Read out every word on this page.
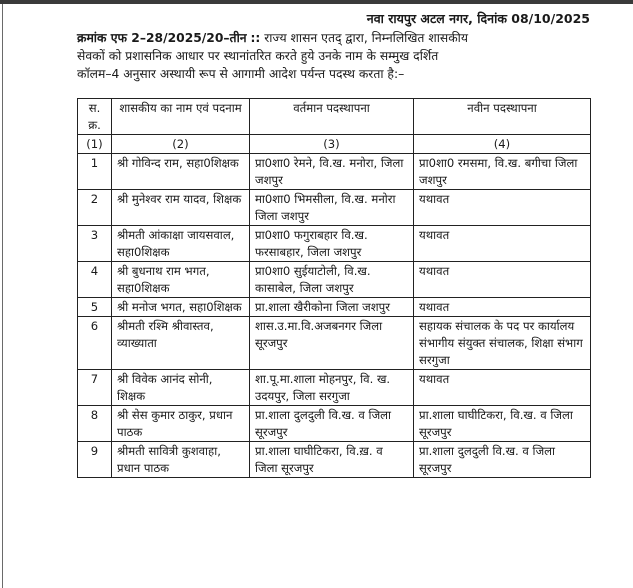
नवा रायपुर अटल नगर, दिनांक 08/10/2025
क्रमांक एफ 2–28/2025/20–तीन :: राज्य शासन एतद् द्वारा, निम्नलिखित शासकीय
सेवकों को प्रशासनिक आधार पर स्थानांतरित करते हुये उनके नाम के सम्मुख दर्शित
कॉलम–4 अनुसार अस्थायी रूप से आगामी आदेश पर्यन्त पदस्थ करता है:–
स. क्र.	शासकीय का नाम एवं पदनाम	वर्तमान पदस्थापना	नवीन पदस्थापना
(1)	(2)	(3)	(4)
1	श्री गोविन्द राम, सहा0शिक्षक	प्रा0शा0 रेमने, वि.ख. मनोरा, जिला जशपुर	प्रा0शा0 रमसमा, वि.ख. बगीचा जिला जशपुर
2	श्री मुनेश्वर राम यादव, शिक्षक	मा0शा0 भिमसीला, वि.ख. मनोरा जिला जशपुर	यथावत
3	श्रीमती आंकाक्षा जायसवाल, सहा0शिक्षक	प्रा0शा0 फगुराबहार वि.ख. फरसाबहार, जिला जशपुर	यथावत
4	श्री बुधनाथ राम भगत, सहा0शिक्षक	प्रा0शा0 सुईयाटोली, वि.ख. कासाबेल, जिला जशपुर	यथावत
5	श्री मनोज भगत, सहा0शिक्षक	प्रा.शाला खैरीकोना जिला जशपुर	यथावत
6	श्रीमती रश्मि श्रीवास्तव, व्याख्याता	शास.उ.मा.वि.अजबनगर जिला सूरजपुर	सहायक संचालक के पद पर कार्यालय संभागीय संयुक्त संचालक, शिक्षा संभाग सरगुजा
7	श्री विवेक आनंद सोनी, शिक्षक	शा.पू.मा.शाला मोहनपुर, वि. ख. उदयपुर, जिला सरगुजा	यथावत
8	श्री सेस कुमार ठाकुर, प्रधान पाठक	प्रा.शाला दुलदुली वि.ख. व जिला सूरजपुर	प्रा.शाला घाघीटिकरा, वि.ख. व जिला सूरजपुर
9	श्रीमती सावित्री कुशवाहा, प्रधान पाठक	प्रा.शाला घाघीटिकरा, वि.ख़. व जिला सूरजपुर	प्रा.शाला दुलदुली वि.ख. व जिला सूरजपुर
